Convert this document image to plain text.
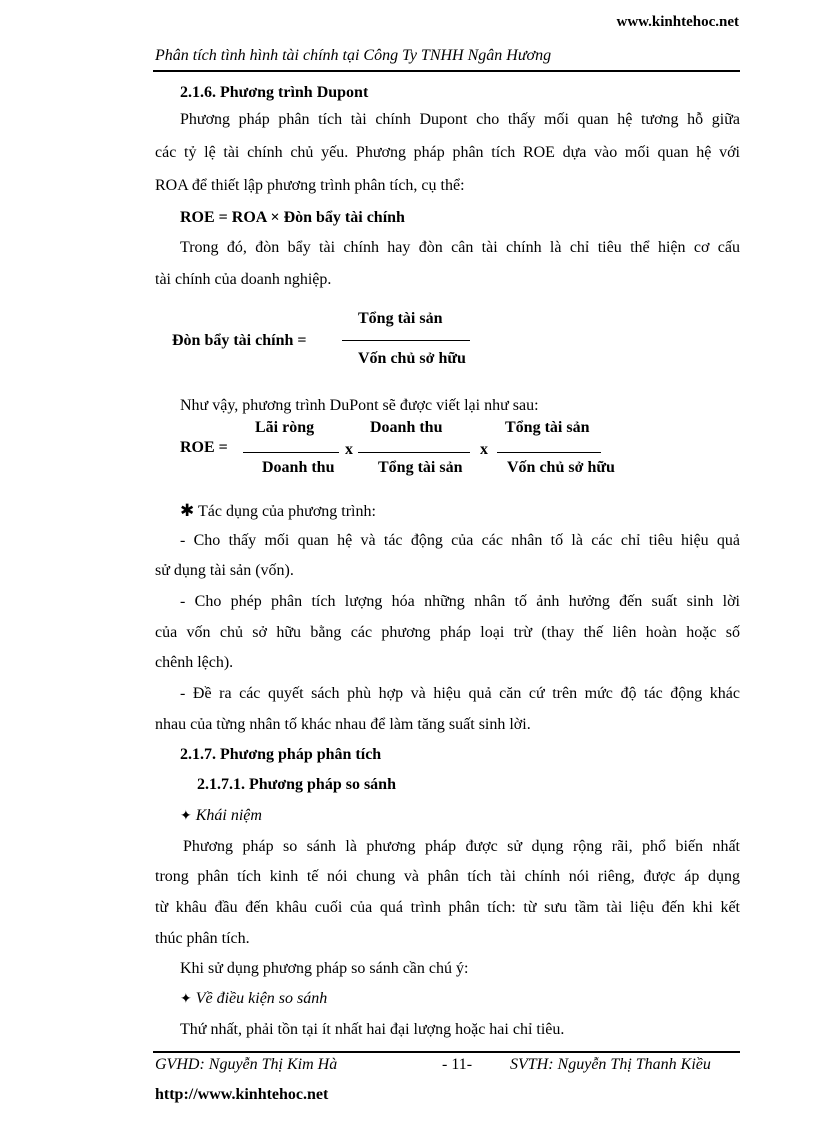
www.kinhtehoc.net
Phân tích tình hình tài chính tại Công Ty TNHH Ngân Hương
2.1.6. Phương trình Dupont
Phương pháp phân tích tài chính Dupont cho thấy mối quan hệ tương hỗ giữa
các tỷ lệ tài chính chủ yếu. Phương pháp phân tích ROE dựa vào mối quan hệ với
ROA để thiết lập phương trình phân tích, cụ thể:
ROE = ROA × Đòn bẩy tài chính
Trong đó, đòn bẩy tài chính hay đòn cân tài chính là chỉ tiêu thể hiện cơ cấu
tài chính của doanh nghiệp.
Tổng tài sản
Đòn bẩy tài chính =
Vốn chủ sở hữu
Như vậy, phương trình DuPont sẽ được viết lại như sau:
Lãi ròng	Doanh thu	Tổng tài sản
ROE =	x	x
Doanh thu	Tổng tài sản	Vốn chủ sở hữu
✱ Tác dụng của phương trình:
- Cho thấy mối quan hệ và tác động của các nhân tố là các chỉ tiêu hiệu quả
sử dụng tài sản (vốn).
- Cho phép phân tích lượng hóa những nhân tố ảnh hưởng đến suất sinh lời
của vốn chủ sở hữu bằng các phương pháp loại trừ (thay thế liên hoàn hoặc số
chênh lệch).
- Đề ra các quyết sách phù hợp và hiệu quả căn cứ trên mức độ tác động khác
nhau của từng nhân tố khác nhau để làm tăng suất sinh lời.
2.1.7. Phương pháp phân tích
2.1.7.1. Phương pháp so sánh
✦ Khái niệm
Phương pháp so sánh là phương pháp được sử dụng rộng rãi, phổ biến nhất
trong phân tích kinh tế nói chung và phân tích tài chính nói riêng, được áp dụng
từ khâu đầu đến khâu cuối của quá trình phân tích: từ sưu tầm tài liệu đến khi kết
thúc phân tích.
Khi sử dụng phương pháp so sánh cần chú ý:
✦ Về điều kiện so sánh
Thứ nhất, phải tồn tại ít nhất hai đại lượng hoặc hai chỉ tiêu.
GVHD: Nguyễn Thị Kim Hà	- 11- SVTH: Nguyễn Thị Thanh Kiều
http://www.kinhtehoc.net
